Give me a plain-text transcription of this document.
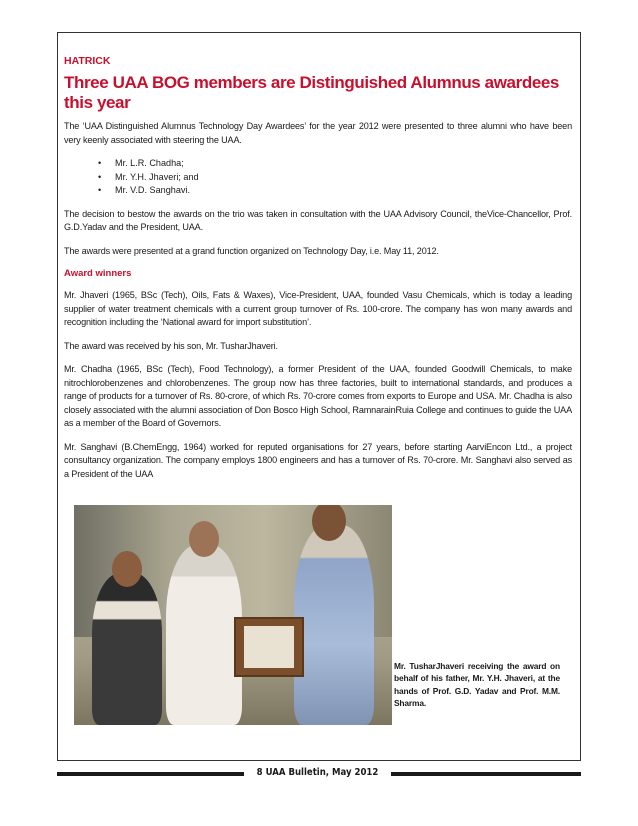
HATRICK
Three UAA BOG members are Distinguished Alumnus awardees this year

The ‘UAA Distinguished Alumnus Technology Day Awardees’ for the year 2012 were presented to three alumni who have been very keenly associated with steering the UAA.

• Mr. L.R. Chadha;
• Mr. Y.H. Jhaveri; and
• Mr. V.D. Sanghavi.

The decision to bestow the awards on the trio was taken in consultation with the UAA Advisory Council, theVice-Chancellor, Prof. G.D.Yadav and the President, UAA.

The awards were presented at a grand function organized on Technology Day, i.e. May 11, 2012.

Award winners

Mr. Jhaveri (1965, BSc (Tech), Oils, Fats & Waxes), Vice-President, UAA, founded Vasu Chemicals, which is today a leading supplier of water treatment chemicals with a current group turnover of Rs. 100-crore. The company has won many awards and recognition including the ‘National award for import substitution’.

The award was received by his son, Mr. TusharJhaveri.

Mr. Chadha (1965, BSc (Tech), Food Technology), a former President of the UAA, founded Goodwill Chemicals, to make nitrochlorobenzenes and chlorobenzenes. The group now has three factories, built to international standards, and produces a range of products for a turnover of Rs. 80-crore, of which Rs. 70-crore comes from exports to Europe and USA. Mr. Chadha is also closely associated with the alumni association of Don Bosco High School, RamnarainRuia College and continues to guide the UAA as a member of the Board of Governors.

Mr. Sanghavi (B.ChemEngg, 1964) worked for reputed organisations for 27 years, before starting AarviEncon Ltd., a project consultancy organization. The company employs 1800 engineers and has a turnover of Rs. 70-crore. Mr. Sanghavi also served as a President of the UAA

Mr. TusharJhaveri receiving the award on behalf of his father, Mr. Y.H. Jhaveri, at the hands of Prof. G.D. Yadav and Prof. M.M. Sharma.

8 UAA Bulletin, May 2012
